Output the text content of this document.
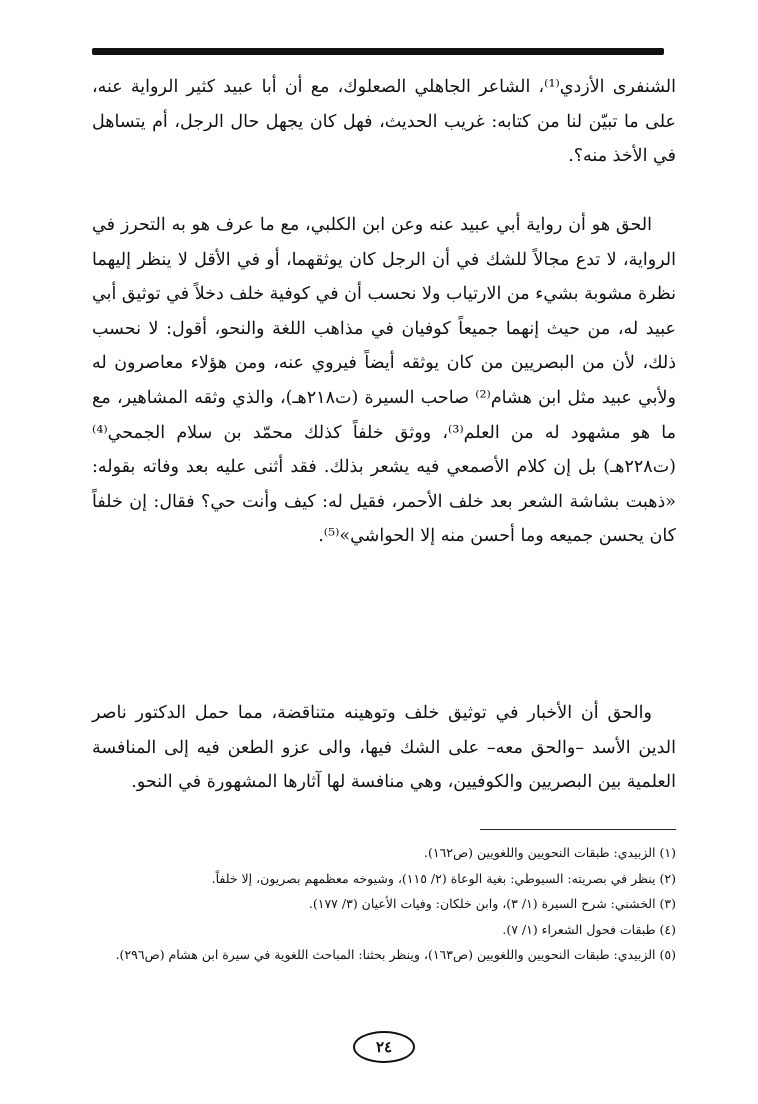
الشنفرى الأزدي⁽¹⁾، الشاعر الجاهلي الصعلوك، مع أن أبا عبيد كثير الرواية عنه، على ما تبيّن لنا من كتابه: غريب الحديث، فهل كان يجهل حال الرجل، أم يتساهل في الأخذ منه؟.

الحق هو أن رواية أبي عبيد عنه وعن ابن الكلبي، مع ما عرف هو به التحرز في الرواية، لا تدع مجالاً للشك في أن الرجل كان يوثقهما، أو في الأقل لا ينظر إليهما نظرة مشوبة بشيء من الارتياب ولا نحسب أن في كوفية خلف دخلاً في توثيق أبي عبيد له، من حيث إنهما جميعاً كوفيان في مذاهب اللغة والنحو، أقول: لا نحسب ذلك، لأن من البصريين من كان يوثقه أيضاً فيروي عنه، ومن هؤلاء معاصرون له ولأبي عبيد مثل ابن هشام⁽²⁾ صاحب السيرة (ت٢١٨هـ)، والذي وثقه المشاهير، مع ما هو مشهود له من العلم⁽³⁾، ووثق خلفاً كذلك محمّد بن سلام الجمحي⁽⁴⁾ (ت٢٢٨هـ) بل إن كلام الأصمعي فيه يشعر بذلك. فقد أثنى عليه بعد وفاته بقوله: «ذهبت بشاشة الشعر بعد خلف الأحمر، فقيل له: كيف وأنت حي؟ فقال: إن خلفاً كان يحسن جميعه وما أحسن منه إلا الحواشي»⁽⁵⁾.

والحق أن الأخبار في توثيق خلف وتوهينه متناقضة، مما حمل الدكتور ناصر الدين الأسد –والحق معه– على الشك فيها، والى عزو الطعن فيه إلى المنافسة العلمية بين البصريين والكوفيين، وهي منافسة لها آثارها المشهورة في النحو.

(١) الزبيدي: طبقات النحويين واللغويين (ص١٦٢).

(٢) ينظر في بصريته: السيوطي: بغية الوعاة (٢/ ١١٥)، وشيوخه معظمهم بصريون، إلا خلفاً.

(٣) الخشني: شرح السيرة (١/ ٣)، وابن خلكان: وفيات الأعيان (٣/ ١٧٧).

(٤) طبقات فحول الشعراء (١/ ٧).

(٥) الزبيدي: طبقات النحويين واللغويين (ص١٦٣)، وينظر بحثنا: المباحث اللغوية في سيرة ابن هشام (ص٢٩٦).

٢٤
